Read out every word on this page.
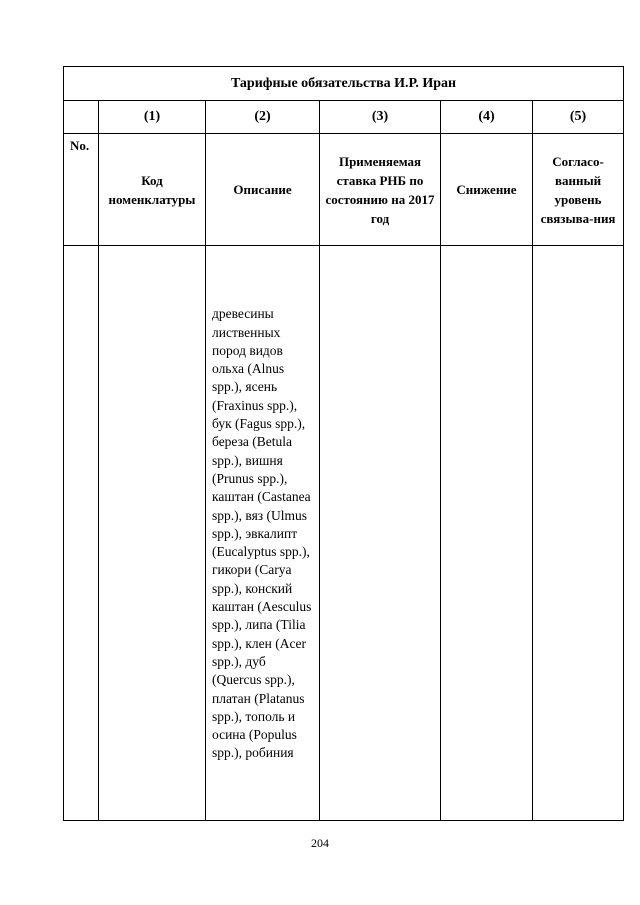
Тарифные обязательства И.Р. Иран					
	(1)	(2)	(3)	(4)	(5)
No.	Код номенклатуры	Описание	Применяемая ставка РНБ по состоянию на 2017 год	Снижение	Согласо-ванный уровень связыва-ния

		древесины лиственных пород видов ольха (Alnus spp.), ясень (Fraxinus spp.), бук (Fagus spp.), береза (Betula spp.), вишня (Prunus spp.), каштан (Castanea spp.), вяз (Ulmus spp.), эвкалипт (Eucalyptus spp.), гикори (Carya spp.), конский каштан (Aesculus spp.), липа (Tilia spp.), клен (Acer spp.), дуб (Quercus spp.), платан (Platanus spp.), тополь и осина (Populus spp.), робиния			

204
